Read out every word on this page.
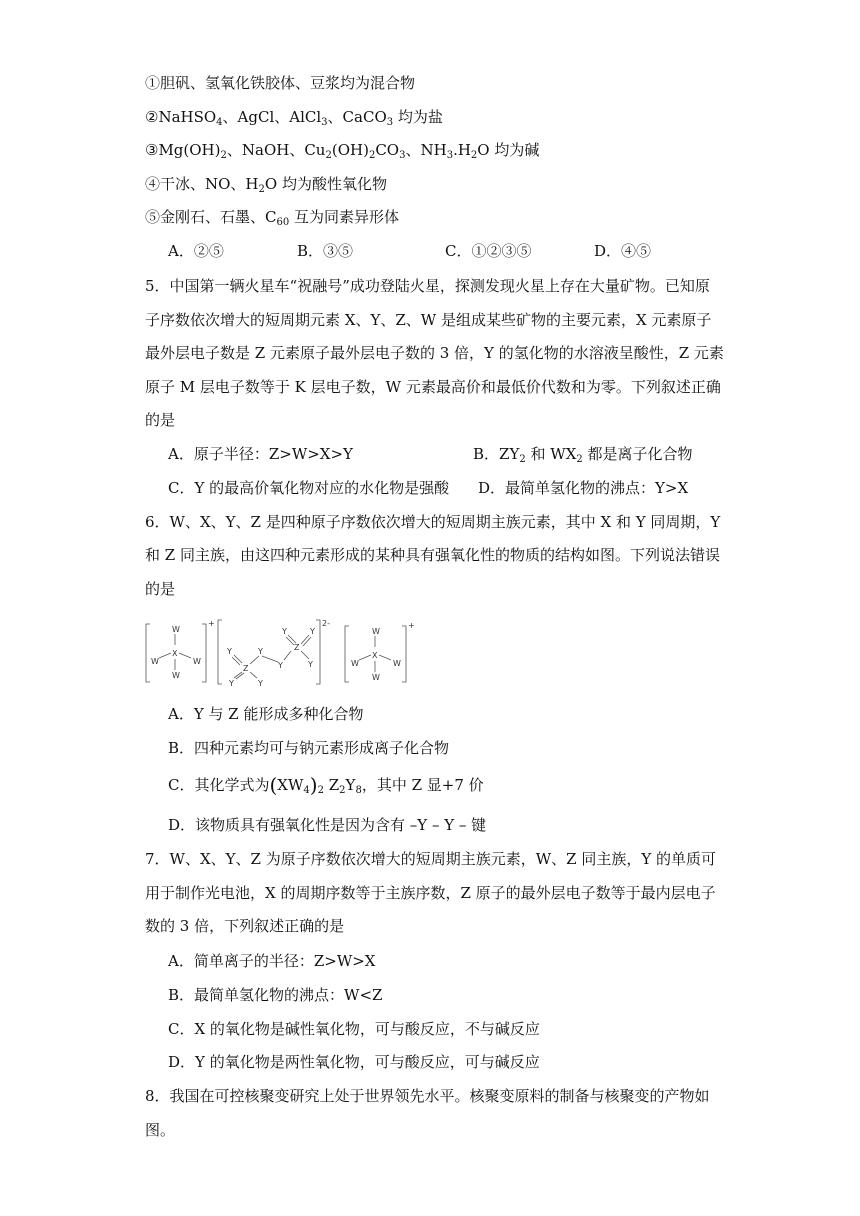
①胆矾、氢氧化铁胶体、豆浆均为混合物
②NaHSO$_4$、AgCl、AlCl$_3$、CaCO$_3$ 均为盐
$③Mg(OH)_2$、NaOH、$Cu_2(OH)_2CO_3$、$NH_3.H_2O$ 均为碱
④干冰、NO、$H_2O$ 均为酸性氧化物
⑤金刚石、石墨、$C_{60}$ 互为同素异形体
A．②⑤	B．③⑤	C．①②③⑤	D．④⑤
5．中国第一辆火星车“祝融号”成功登陆火星，探测发现火星上存在大量矿物。已知原
子序数依次增大的短周期元素 X、Y、Z、W 是组成某些矿物的主要元素，X 元素原子
最外层电子数是 Z 元素原子最外层电子数的 3 倍，Y 的氢化物的水溶液呈酸性，Z 元素
原子 M 层电子数等于 K 层电子数，W 元素最高价和最低价代数和为零。下列叙述正确
的是
A．原子半径：Z>W>X>Y	B．$ZY_2$ 和 $WX_2$ 都是离子化合物
C．Y 的最高价氧化物对应的水化物是强酸 D．最简单氢化物的沸点：Y>X
6．W、X、Y、Z 是四种原子序数依次增大的短周期主族元素，其中 X 和 Y 同周期，Y
和 Z 同主族，由这四种元素形成的某种具有强氧化性的物质的结构如图。下列说法错误
的是
W
X
W	W
W
+
Y
Z
Y
Y
Y
Y
Z
Y	Y
Y
2-
W
X
W	W
W
+
A．Y 与 Z 能形成多种化合物
B．四种元素均可与钠元素形成离子化合物
C．其化学式为$(XW_4)_2$ $Z_2Y_8$，其中 Z 显+7 价
D．该物质具有强氧化性是因为含有 –Y – Y – 键
7．W、X、Y、Z 为原子序数依次增大的短周期主族元素，W、Z 同主族，Y 的单质可
用于制作光电池，X 的周期序数等于主族序数，Z 原子的最外层电子数等于最内层电子
数的 3 倍，下列叙述正确的是
A．简单离子的半径：Z>W>X
B．最简单氢化物的沸点：W<Z
C．X 的氧化物是碱性氧化物，可与酸反应，不与碱反应
D．Y 的氧化物是两性氧化物，可与酸反应，可与碱反应
8．我国在可控核聚变研究上处于世界领先水平。核聚变原料的制备与核聚变的产物如
图。
